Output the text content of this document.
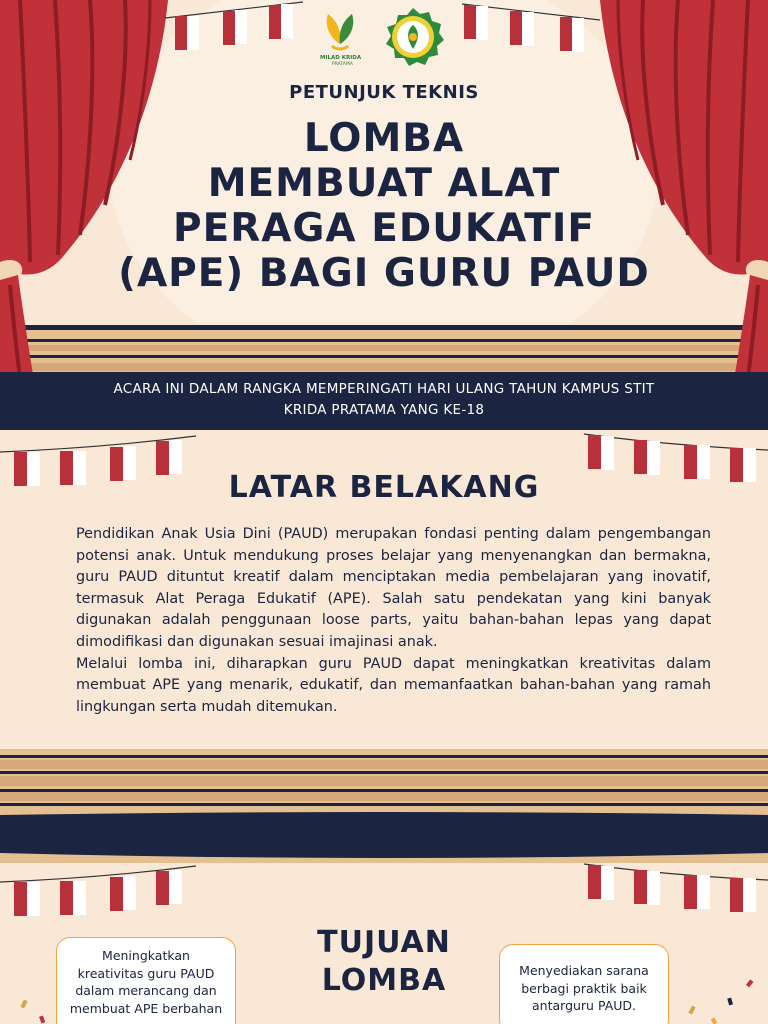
MILAD KRIDA
PRATAMA
PETUNJUK TEKNIS
LOMBA
MEMBUAT ALAT
PERAGA EDUKATIF
(APE) BAGI GURU PAUD
ACARA INI DALAM RANGKA MEMPERINGATI HARI ULANG TAHUN KAMPUS STIT
KRIDA PRATAMA YANG KE-18
LATAR BELAKANG

Pendidikan Anak Usia Dini (PAUD) merupakan fondasi penting dalam pengembangan potensi anak. Untuk mendukung proses belajar yang menyenangkan dan bermakna, guru PAUD dituntut kreatif dalam menciptakan media pembelajaran yang inovatif, termasuk Alat Peraga Edukatif (APE). Salah satu pendekatan yang kini banyak digunakan adalah penggunaan loose parts, yaitu bahan-bahan lepas yang dapat dimodifikasi dan digunakan sesuai imajinasi anak.

Melalui lomba ini, diharapkan guru PAUD dapat meningkatkan kreativitas dalam membuat APE yang menarik, edukatif, dan memanfaatkan bahan-bahan yang ramah lingkungan serta mudah ditemukan.

TUJUAN
LOMBA
Meningkatkan
kreativitas guru PAUD
dalam merancang dan
membuat APE berbahan
Menyediakan sarana
berbagi praktik baik
antarguru PAUD.
